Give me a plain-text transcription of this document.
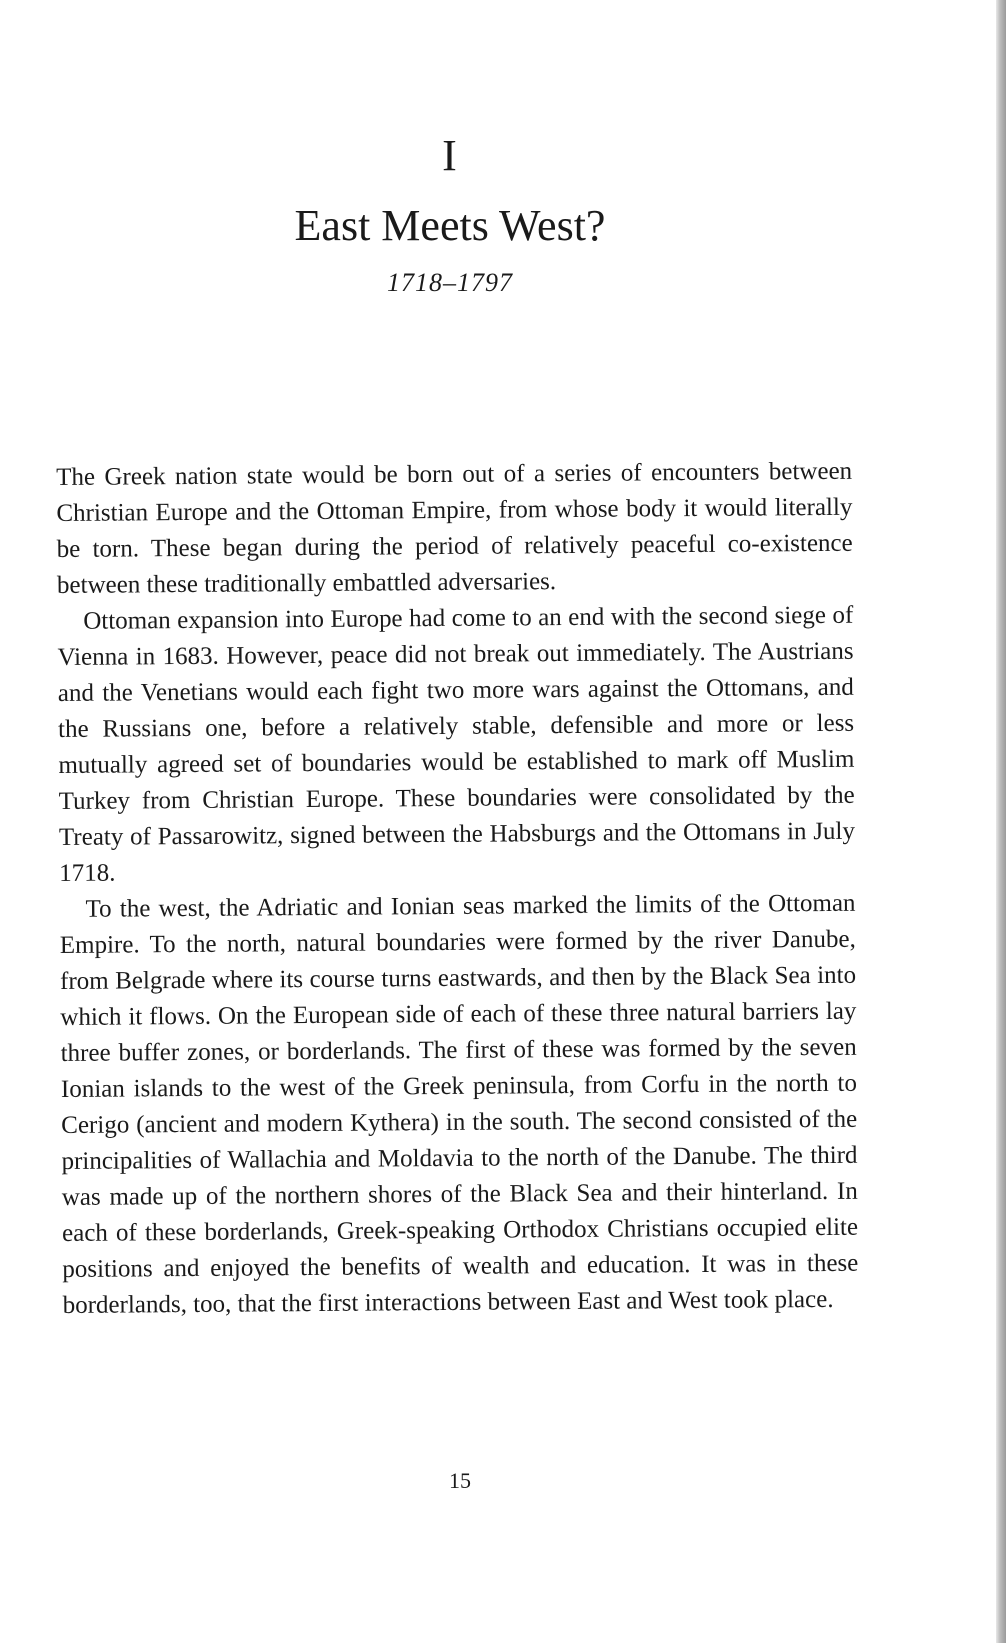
I
East Meets West?
1718–1797

The Greek nation state would be born out of a series of encounters between Christian Europe and the Ottoman Empire, from whose body it would literally be torn. These began during the period of relatively peaceful co-existence between these traditionally embattled adversaries.

Ottoman expansion into Europe had come to an end with the second siege of Vienna in 1683. However, peace did not break out immediately. The Austrians and the Venetians would each fight two more wars against the Ottomans, and the Russians one, before a relatively stable, defensible and more or less mutually agreed set of boundaries would be established to mark off Muslim Turkey from Christian Europe. These boundaries were consolidated by the Treaty of Passarowitz, signed between the Habsburgs and the Ottomans in July 1718.

To the west, the Adriatic and Ionian seas marked the limits of the Ottoman Empire. To the north, natural boundaries were formed by the river Danube, from Belgrade where its course turns eastwards, and then by the Black Sea into which it flows. On the European side of each of these three natural barriers lay three buffer zones, or borderlands. The first of these was formed by the seven Ionian islands to the west of the Greek peninsula, from Corfu in the north to Cerigo (ancient and modern Kythera) in the south. The second consisted of the principalities of Wallachia and Moldavia to the north of the Danube. The third was made up of the northern shores of the Black Sea and their hinterland. In each of these borderlands, Greek-speaking Orthodox Christians occupied elite positions and enjoyed the benefits of wealth and education. It was in these borderlands, too, that the first interactions between East and West took place.

15
